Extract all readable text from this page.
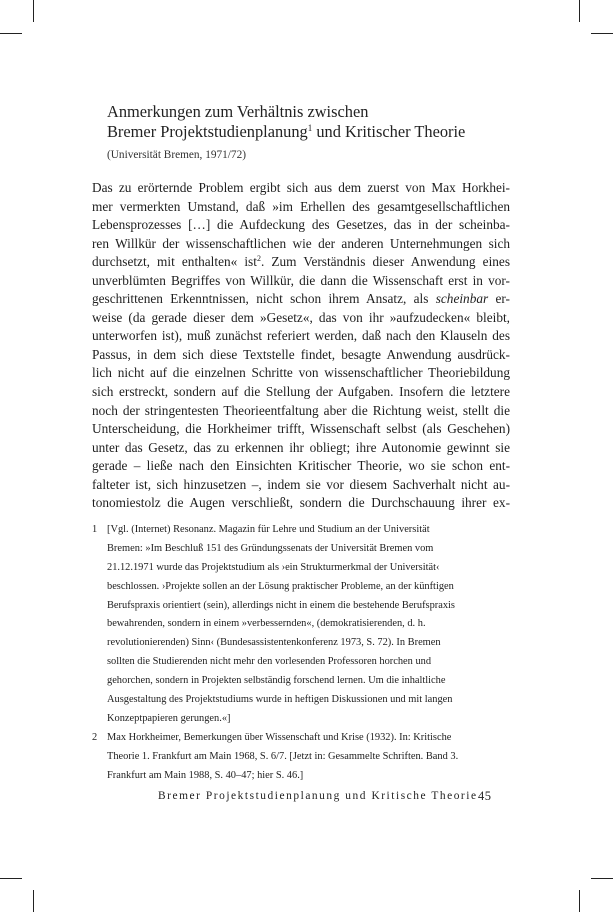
Anmerkungen zum Verhältnis zwischen
Bremer Projektstudienplanung$^1$ und Kritischer Theorie
(Universität Bremen, 1971/72)
Das zu erörternde Problem ergibt sich aus dem zuerst von Max Horkhei-
mer vermerkten Umstand, daß »im Erhellen des gesamtgesellschaftlichen
Lebensprozesses […] die Aufdeckung des Gesetzes, das in der scheinba-
ren Willkür der wissenschaftlichen wie der anderen Unternehmungen sich
durchsetzt, mit enthalten« ist$^2$. Zum Verständnis dieser Anwendung eines
unverblümten Begriffes von Willkür, die dann die Wissenschaft erst in vor-
geschrittenen Erkenntnissen, nicht schon ihrem Ansatz, als scheinbar er-
weise (da gerade dieser dem »Gesetz«, das von ihr »aufzudecken« bleibt,
unterworfen ist), muß zunächst referiert werden, daß nach den Klauseln des
Passus, in dem sich diese Textstelle findet, besagte Anwendung ausdrück-
lich nicht auf die einzelnen Schritte von wissenschaftlicher Theoriebildung
sich erstreckt, sondern auf die Stellung der Aufgaben. Insofern die letztere
noch der stringentesten Theorieentfaltung aber die Richtung weist, stellt die
Unterscheidung, die Horkheimer trifft, Wissenschaft selbst (als Geschehen)
unter das Gesetz, das zu erkennen ihr obliegt; ihre Autonomie gewinnt sie
gerade – ließe nach den Einsichten Kritischer Theorie, wo sie schon ent-
falteter ist, sich hinzusetzen –, indem sie vor diesem Sachverhalt nicht au-
tonomiestolz die Augen verschließt, sondern die Durchschauung ihrer ex-
1 [Vgl. (Internet) Resonanz. Magazin für Lehre und Studium an der Universität
Bremen: »Im Beschluß 151 des Gründungssenats der Universität Bremen vom
21.12.1971 wurde das Projektstudium als ›ein Strukturmerkmal der Universität‹
beschlossen. ›Projekte sollen an der Lösung praktischer Probleme, an der künftigen
Berufspraxis orientiert (sein), allerdings nicht in einem die bestehende Berufspraxis
bewahrenden, sondern in einem »verbessernden«, (demokratisierenden, d. h.
revolutionierenden) Sinn‹ (Bundesassistentenkonferenz 1973, S. 72). In Bremen
sollten die Studierenden nicht mehr den vorlesenden Professoren horchen und
gehorchen, sondern in Projekten selbständig forschend lernen. Um die inhaltliche
Ausgestaltung des Projektstudiums wurde in heftigen Diskussionen und mit langen
Konzeptpapieren gerungen.«]
2 Max Horkheimer, Bemerkungen über Wissenschaft und Krise (1932). In: Kritische
Theorie 1. Frankfurt am Main 1968, S. 6/7. [Jetzt in: Gesammelte Schriften. Band 3.
Frankfurt am Main 1988, S. 40–47; hier S. 46.]
Bremer Projektstudienplanung und Kritische Theorie 45
